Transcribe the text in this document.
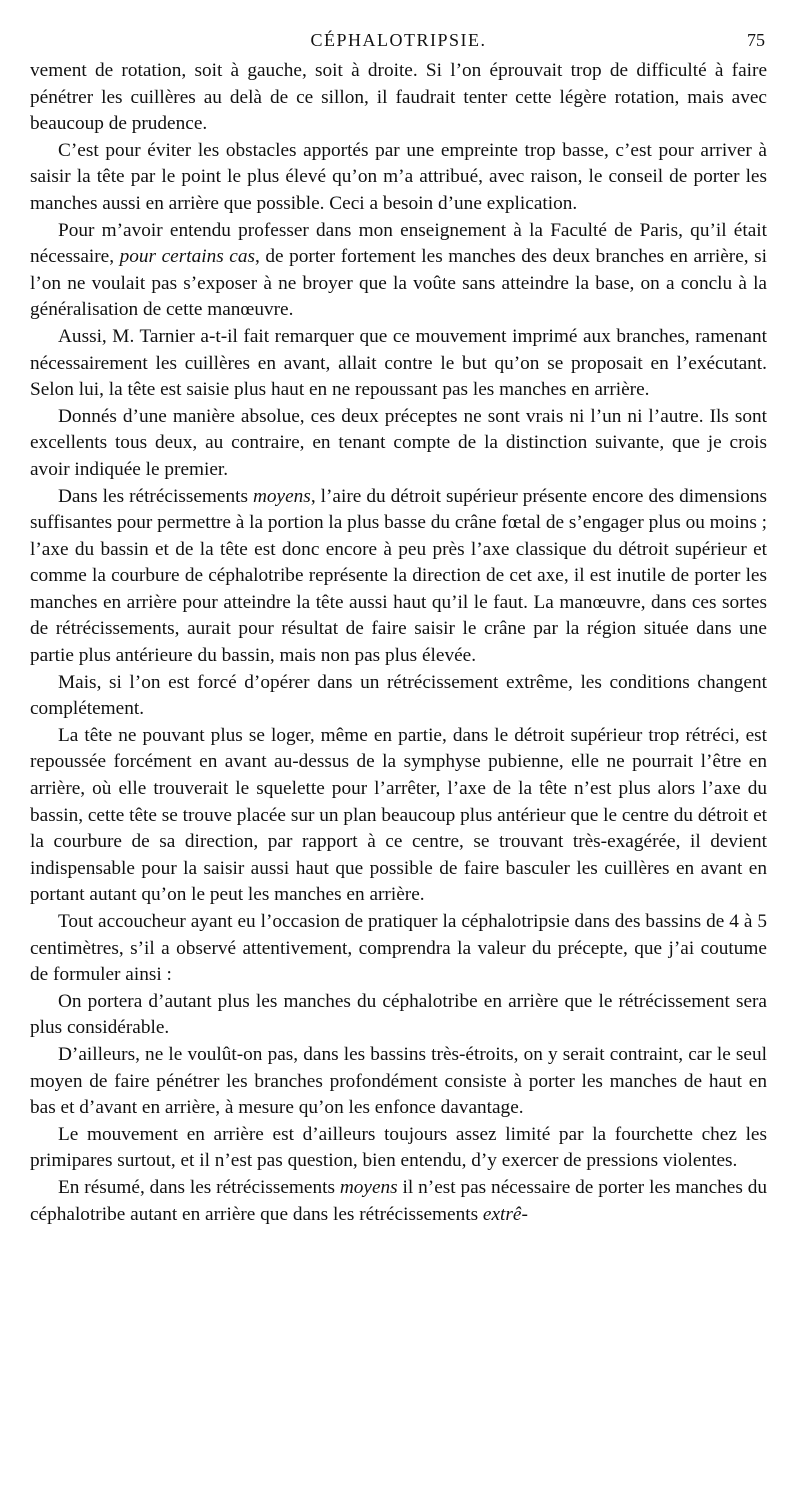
CÉPHALOTRIPSIE.	75

vement de rotation, soit à gauche, soit à droite. Si l’on éprouvait trop de difficulté à faire pénétrer les cuillères au delà de ce sillon, il faudrait tenter cette légère rotation, mais avec beaucoup de prudence.

C’est pour éviter les obstacles apportés par une empreinte trop basse, c’est pour arriver à saisir la tête par le point le plus élevé qu’on m’a attribué, avec raison, le conseil de porter les manches aussi en arrière que possible. Ceci a besoin d’une explication.

Pour m’avoir entendu professer dans mon enseignement à la Faculté de Paris, qu’il était nécessaire, pour certains cas, de porter fortement les manches des deux branches en arrière, si l’on ne voulait pas s’exposer à ne broyer que la voûte sans atteindre la base, on a conclu à la généralisation de cette manœuvre.

Aussi, M. Tarnier a-t-il fait remarquer que ce mouvement imprimé aux branches, ramenant nécessairement les cuillères en avant, allait contre le but qu’on se proposait en l’exécutant. Selon lui, la tête est saisie plus haut en ne repoussant pas les manches en arrière.

Donnés d’une manière absolue, ces deux préceptes ne sont vrais ni l’un ni l’autre. Ils sont excellents tous deux, au contraire, en tenant compte de la distinction suivante, que je crois avoir indiquée le premier.

Dans les rétrécissements moyens, l’aire du détroit supérieur présente encore des dimensions suffisantes pour permettre à la portion la plus basse du crâne fœtal de s’engager plus ou moins ; l’axe du bassin et de la tête est donc encore à peu près l’axe classique du détroit supérieur et comme la courbure de céphalotribe représente la direction de cet axe, il est inutile de porter les manches en arrière pour atteindre la tête aussi haut qu’il le faut. La manœuvre, dans ces sortes de rétrécissements, aurait pour résultat de faire saisir le crâne par la région située dans une partie plus antérieure du bassin, mais non pas plus élevée.

Mais, si l’on est forcé d’opérer dans un rétrécissement extrême, les conditions changent complétement.

La tête ne pouvant plus se loger, même en partie, dans le détroit supérieur trop rétréci, est repoussée forcément en avant au-dessus de la symphyse pubienne, elle ne pourrait l’être en arrière, où elle trouverait le squelette pour l’arrêter, l’axe de la tête n’est plus alors l’axe du bassin, cette tête se trouve placée sur un plan beaucoup plus antérieur que le centre du détroit et la courbure de sa direction, par rapport à ce centre, se trouvant très-exagérée, il devient indispensable pour la saisir aussi haut que possible de faire basculer les cuillères en avant en portant autant qu’on le peut les manches en arrière.

Tout accoucheur ayant eu l’occasion de pratiquer la céphalotripsie dans des bassins de 4 à 5 centimètres, s’il a observé attentivement, comprendra la valeur du précepte, que j’ai coutume de formuler ainsi :

On portera d’autant plus les manches du céphalotribe en arrière que le rétrécissement sera plus considérable.

D’ailleurs, ne le voulût-on pas, dans les bassins très-étroits, on y serait contraint, car le seul moyen de faire pénétrer les branches profondément consiste à porter les manches de haut en bas et d’avant en arrière, à mesure qu’on les enfonce davantage.

Le mouvement en arrière est d’ailleurs toujours assez limité par la fourchette chez les primipares surtout, et il n’est pas question, bien entendu, d’y exercer de pressions violentes.

En résumé, dans les rétrécissements moyens il n’est pas nécessaire de porter les manches du céphalotribe autant en arrière que dans les rétrécissements extrê-
